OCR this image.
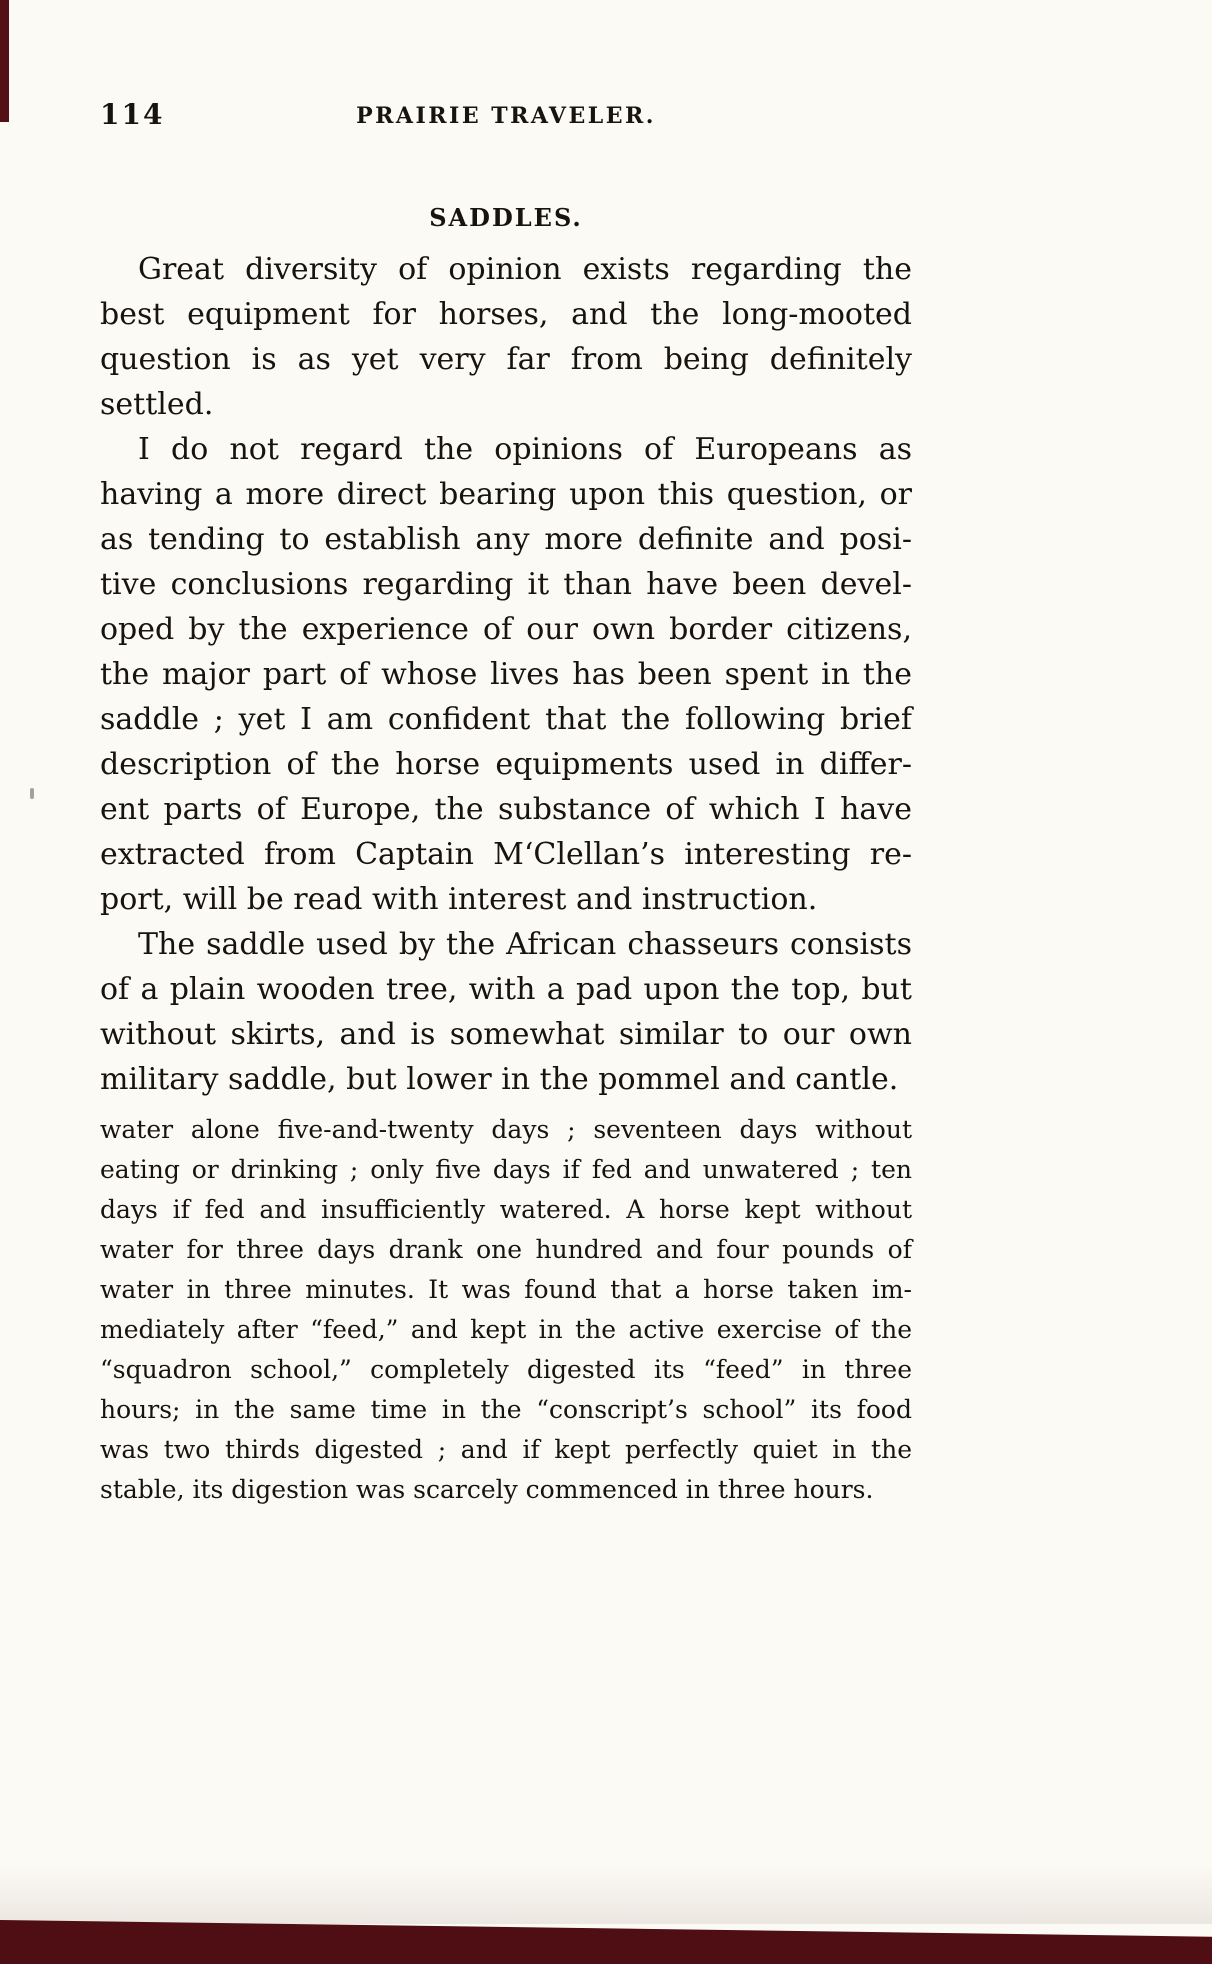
114	PRAIRIE TRAVELER.
SADDLES.
Great diversity of opinion exists regarding the
best equipment for horses, and the long-mooted
question is as yet very far from being definitely
settled.
I do not regard the opinions of Europeans as
having a more direct bearing upon this question, or
as tending to establish any more definite and posi-
tive conclusions regarding it than have been devel-
oped by the experience of our own border citizens,
the major part of whose lives has been spent in the
saddle ; yet I am confident that the following brief
description of the horse equipments used in differ-
ent parts of Europe, the substance of which I have
extracted from Captain M‘Clellan’s interesting re-
port, will be read with interest and instruction.
The saddle used by the African chasseurs consists
of a plain wooden tree, with a pad upon the top, but
without skirts, and is somewhat similar to our own
military saddle, but lower in the pommel and cantle.
water alone five-and-twenty days ; seventeen days without
eating or drinking ; only five days if fed and unwatered ; ten
days if fed and insufficiently watered. A horse kept without
water for three days drank one hundred and four pounds of
water in three minutes. It was found that a horse taken im-
mediately after “feed,” and kept in the active exercise of the
“squadron school,” completely digested its “feed” in three
hours; in the same time in the “conscript’s school” its food
was two thirds digested ; and if kept perfectly quiet in the
stable, its digestion was scarcely commenced in three hours.
